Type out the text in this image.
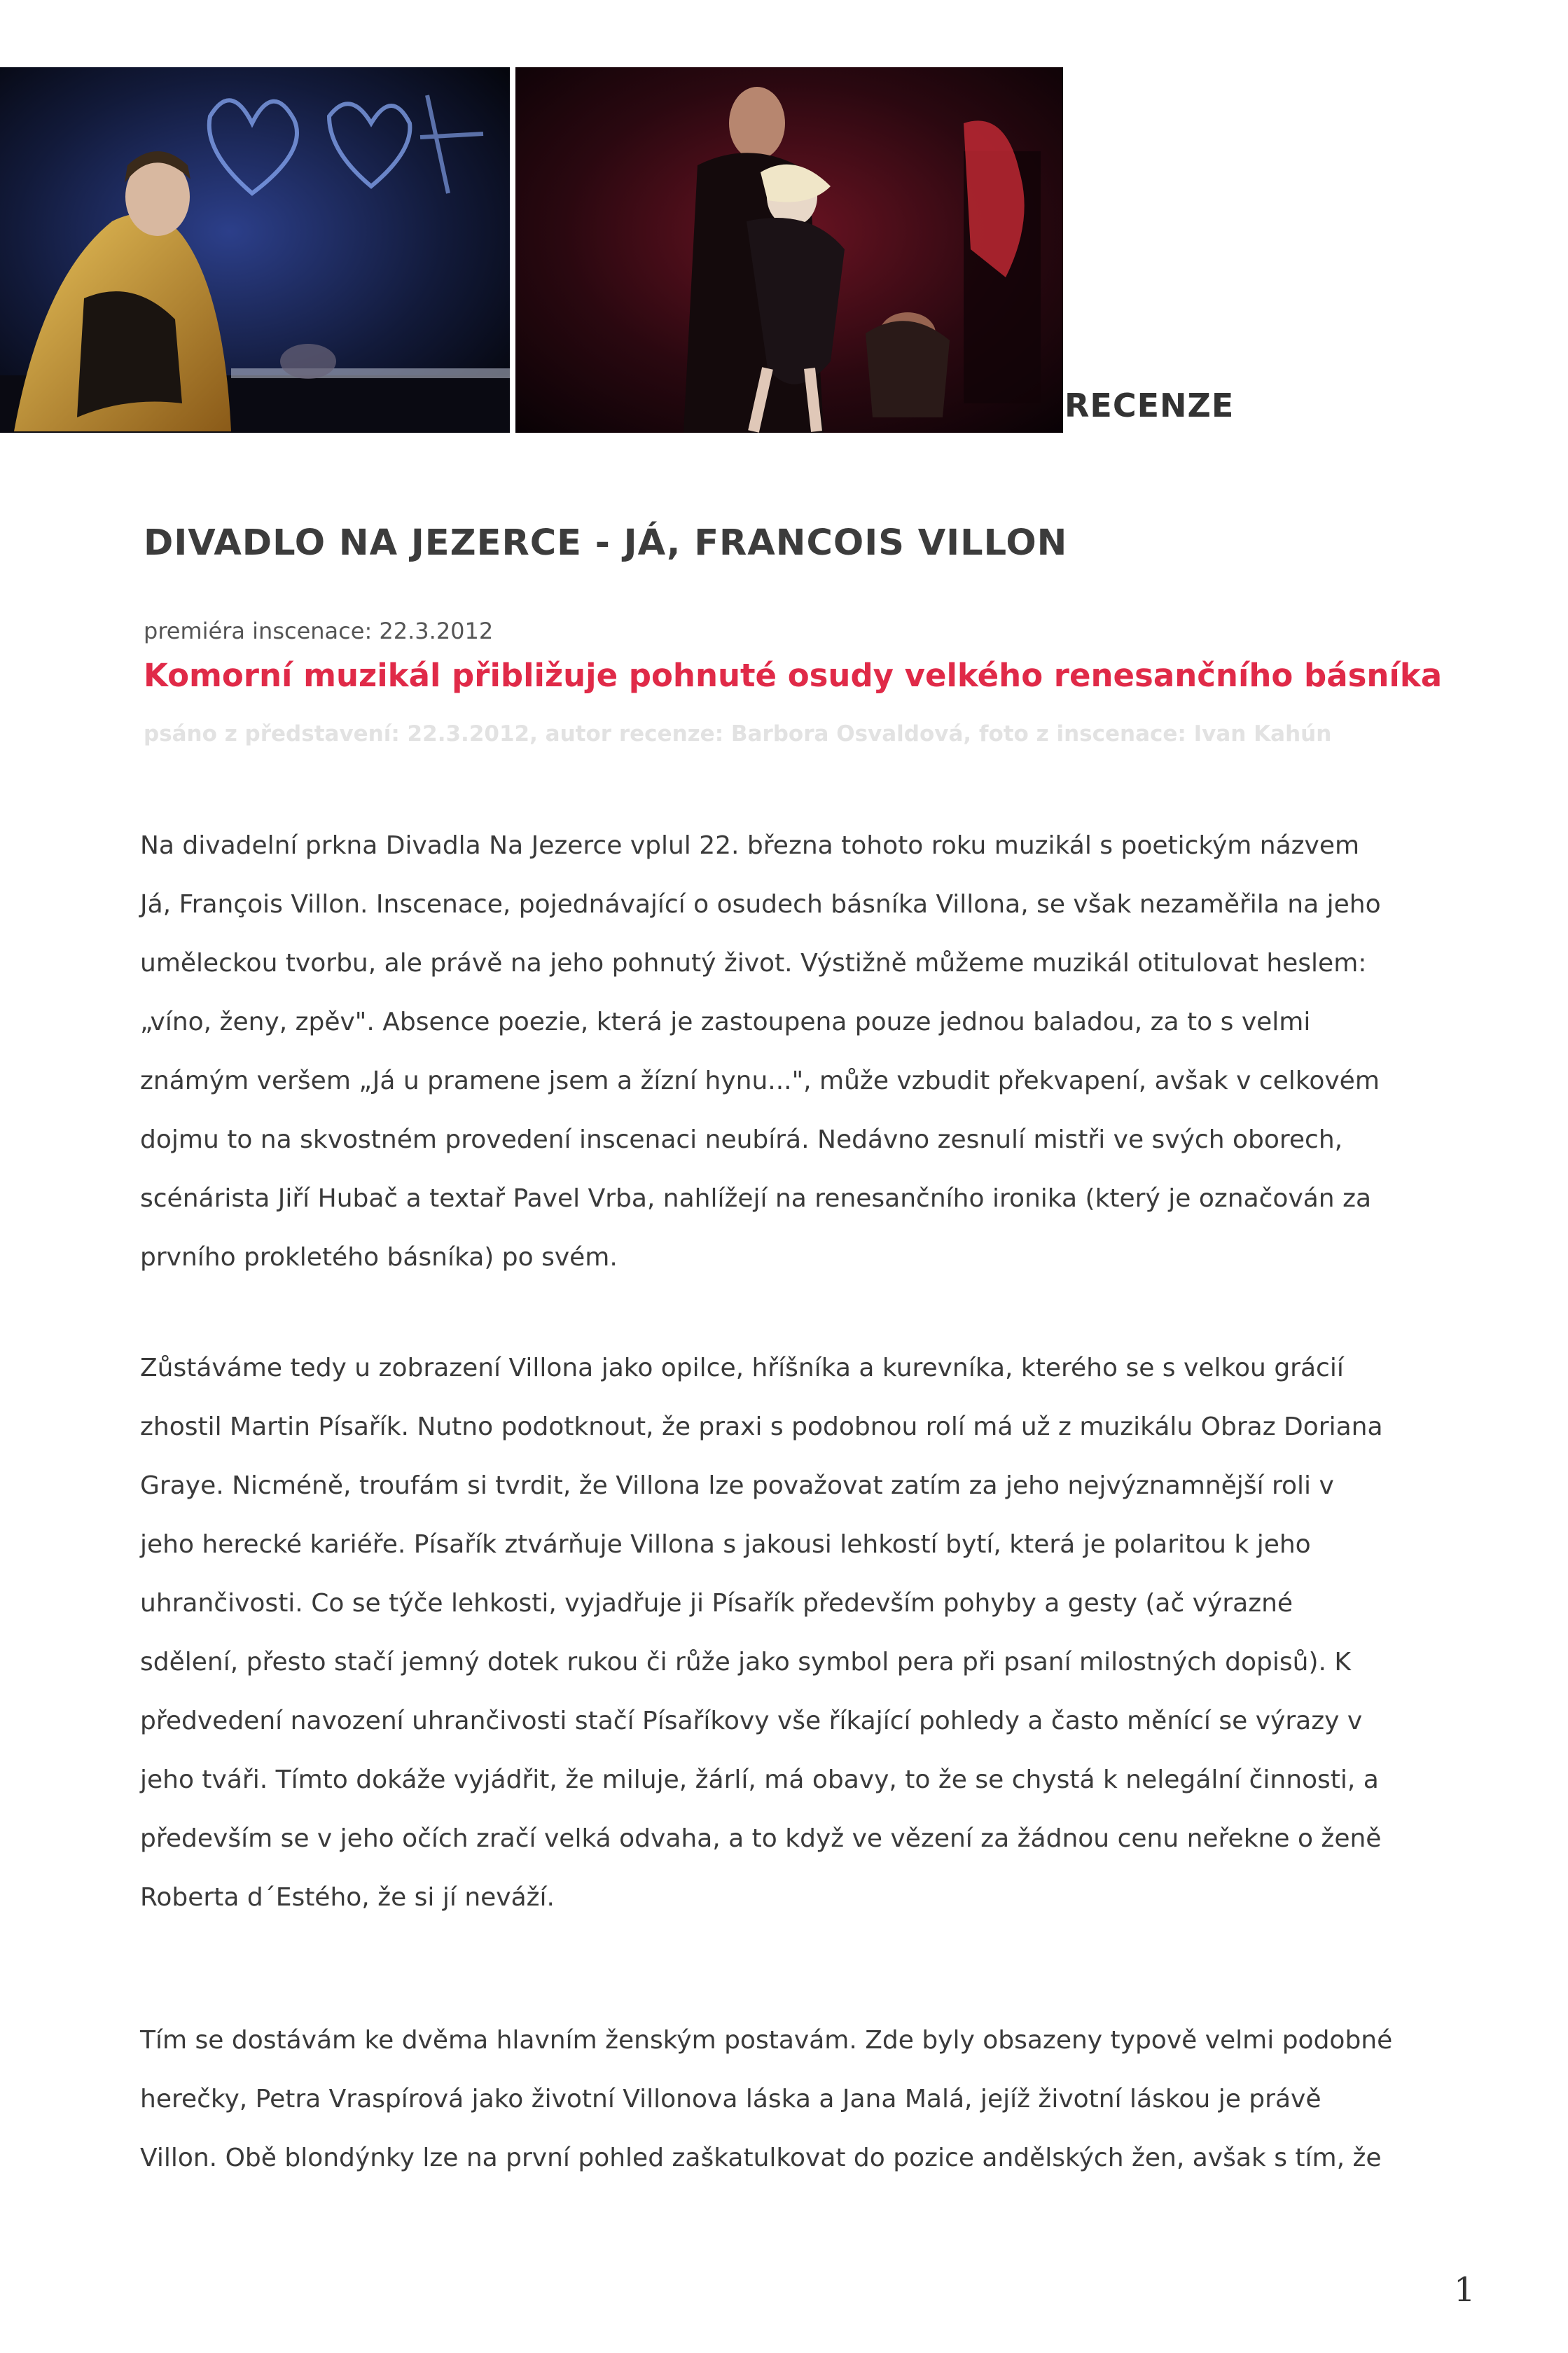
RECENZE
DIVADLO NA JEZERCE - JÁ, FRANCOIS VILLON
premiéra inscenace: 22.3.2012
Komorní muzikál přibližuje pohnuté osudy velkého renesančního básníka
psáno z představení: 22.3.2012, autor recenze: Barbora Osvaldová, foto z inscenace: Ivan Kahún
Na divadelní prkna Divadla Na Jezerce vplul 22. března tohoto roku muzikál s poetickým názvem
Já, François Villon. Inscenace, pojednávající o osudech básníka Villona, se však nezaměřila na jeho
uměleckou tvorbu, ale právě na jeho pohnutý život. Výstižně můžeme muzikál otitulovat heslem:
„víno, ženy, zpěv". Absence poezie, která je zastoupena pouze jednou baladou, za to s velmi
známým veršem „Já u pramene jsem a žízní hynu...", může vzbudit překvapení, avšak v celkovém
dojmu to na skvostném provedení inscenaci neubírá. Nedávno zesnulí mistři ve svých oborech,
scénárista Jiří Hubač a textař Pavel Vrba, nahlížejí na renesančního ironika (který je označován za
prvního prokletého básníka) po svém.
Zůstáváme tedy u zobrazení Villona jako opilce, hříšníka a kurevníka, kterého se s velkou grácií
zhostil Martin Písařík. Nutno podotknout, že praxi s podobnou rolí má už z muzikálu Obraz Doriana
Graye. Nicméně, troufám si tvrdit, že Villona lze považovat zatím za jeho nejvýznamnější roli v
jeho herecké kariéře. Písařík ztvárňuje Villona s jakousi lehkostí bytí, která je polaritou k jeho
uhrančivosti. Co se týče lehkosti, vyjadřuje ji Písařík především pohyby a gesty (ač výrazné
sdělení, přesto stačí jemný dotek rukou či růže jako symbol pera při psaní milostných dopisů). K
předvedení navození uhrančivosti stačí Písaříkovy vše říkající pohledy a často měnící se výrazy v
jeho tváři. Tímto dokáže vyjádřit, že miluje, žárlí, má obavy, to že se chystá k nelegální činnosti, a
především se v jeho očích zračí velká odvaha, a to když ve vězení za žádnou cenu neřekne o ženě
Roberta d´Estého, že si jí neváží.
Tím se dostávám ke dvěma hlavním ženským postavám. Zde byly obsazeny typově velmi podobné
herečky, Petra Vraspírová jako životní Villonova láska a Jana Malá, jejíž životní láskou je právě
Villon. Obě blondýnky lze na první pohled zaškatulkovat do pozice andělských žen, avšak s tím, že
1
